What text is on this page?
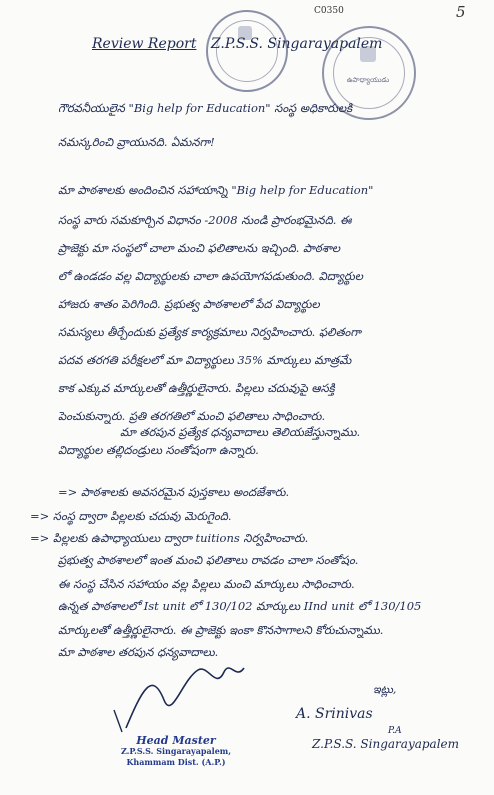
5
C0350
ఉపాధ్యాయుడు
Review Report Z.P.S.S. Singarayapalem
గౌరవనీయులైన "Big help for Education" సంస్థ అధికారులకి
నమస్కరించి వ్రాయునది. ఏమనగా!
మా పాఠశాలకు అందించిన సహాయాన్ని "Big help for Education"
సంస్థ వారు సమకూర్చిన విధానం -2008 నుండి ప్రారంభమైనది. ఈ
ప్రాజెక్టు మా సంస్థలో చాలా మంచి ఫలితాలను ఇచ్చింది. పాఠశాల
లో ఉండడం వల్ల విద్యార్థులకు చాలా ఉపయోగపడుతుంది. విద్యార్థుల
హాజరు శాతం పెరిగింది. ప్రభుత్వ పాఠశాలలో పేద విద్యార్థుల
సమస్యలు తీర్చేందుకు ప్రత్యేక కార్యక్రమాలు నిర్వహించారు. ఫలితంగా
పదవ తరగతి పరీక్షలలో మా విద్యార్థులు 35% మార్కులు మాత్రమే
కాక ఎక్కువ మార్కులతో ఉత్తీర్ణులైనారు. పిల్లలు చదువుపై ఆసక్తి
పెంచుకున్నారు. ప్రతి తరగతిలో మంచి ఫలితాలు సాధించారు.
మా తరపున ప్రత్యేక ధన్యవాదాలు తెలియజేస్తున్నాము.
విద్యార్థుల తల్లిదండ్రులు సంతోషంగా ఉన్నారు.
=> పాఠశాలకు అవసరమైన పుస్తకాలు అందజేశారు.
=> సంస్థ ద్వారా పిల్లలకు చదువు మెరుగైంది.
=> పిల్లలకు ఉపాధ్యాయులు ద్వారా tuitions నిర్వహించారు.
ప్రభుత్వ పాఠశాలలో ఇంత మంచి ఫలితాలు రావడం చాలా సంతోషం.
ఈ సంస్థ చేసిన సహాయం వల్ల పిల్లలు మంచి మార్కులు సాధించారు.
ఉన్నత పాఠశాలలో Ist unit లో 130/102 మార్కులు IInd unit లో 130/105
మార్కులతో ఉత్తీర్ణులైనారు. ఈ ప్రాజెక్టు ఇంకా కొనసాగాలని కోరుచున్నాము.
మా పాఠశాల తరపున ధన్యవాదాలు.
Head Master
Z.P.S.S. Singarayapalem,
Khammam Dist. (A.P.)
ఇట్లు,
A. Srinivas
P.A
Z.P.S.S. Singarayapalem
